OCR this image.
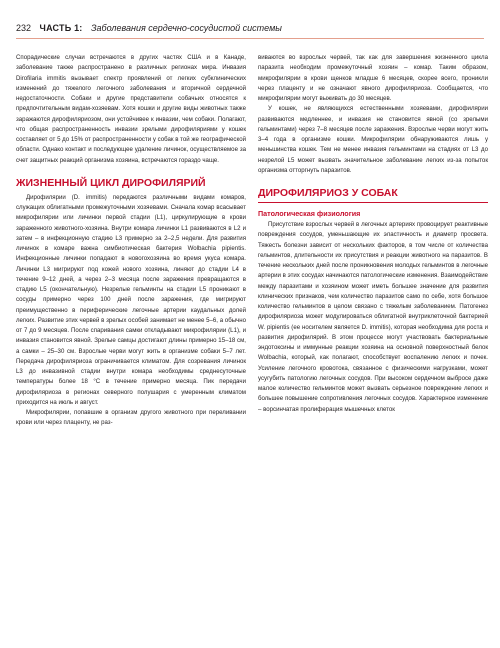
232 ЧАСТЬ 1: Заболевания сердечно-сосудистой системы

Спорадические случаи встречаются в других частях США и в Канаде, заболевание также распространено в различных регионах мира. Инвазия Dirofilaria immitis вызывает спектр проявлений от легких субклинических изменений до тяжелого легочного заболевания и вторичной сердечной недостаточности. Собаки и другие представители собачьих относятся к предпочтительным видам-хозяевам. Хотя кошки и другие виды животных также заражаются дирофиляриозом, они устойчивее к инвазии, чем собаки. Полагают, что общая распространенность инвазии зрелыми дирофиляриями у кошек составляет от 5 до 15% от распространенности у собак в той же географической области. Однако контакт и последующее удаление личинок, осуществляемое за счет защитных реакций организма хозяина, встречаются гораздо чаще.

ЖИЗНЕННЫЙ ЦИКЛ ДИРОФИЛЯРИЙ

Дирофилярии (D. immitis) передаются различными видами комаров, служащих облигатными промежуточными хозяевами. Сначала комар всасывает микрофилярии или личинки первой стадии (L1), циркулирующие в крови зараженного животного-хозяина. Внутри комара личинки L1 развиваются в L2 и затем – в инфекционную стадию L3 примерно за 2–2,5 недели. Для развития личинок в комаре важна симбиотическая бактерия Wolbachia pipientis. Инфекционные личинки попадают в новогохозяина во время укуса комара. Личинки L3 мигрируют под кожей нового хозяина, линяют до стадии L4 в течение 9–12 дней, а через 2–3 месяца после заражения превращаются в стадию L5 (окончательную). Незрелые гельминты на стадии L5 проникают в сосуды примерно через 100 дней после заражения, где мигрируют преимущественно в периферические легочные артерии каудальных долей легких. Развитие этих червей в зрелых особей занимает не менее 5–6, а обычно от 7 до 9 месяцев. После спаривания самки откладывают микрофилярии (L1), и инвазия становится явной. Зрелые самцы достигают длины примерно 15–18 см, а самки – 25–30 см. Взрослые черви могут жить в организме собаки 5–7 лет. Передача дирофиляриоза ограничивается климатом. Для созревания личинок L3 до инвазивной стадии внутри комара необходимы среднесуточные температуры более 18 °С в течение примерно месяца. Пик передачи дирофиляриоза в регионах северного полушария с умеренным климатом приходится на июль и август.

Микрофилярии, попавшие в организм другого животного при переливании крови или через плаценту, не раз-

виваются во взрослых червей, так как для завершения жизненного цикла паразита необходим промежуточный хозяин – комар. Таким образом, микрофилярии в крови щенков младше 6 месяцев, скорее всего, проникли через плаценту и не означают явного дирофиляриоза. Сообщается, что микрофилярии могут выживать до 30 месяцев.

У кошек, не являющихся естественными хозяевами, дирофилярии развиваются медленнее, и инвазия не становится явной (со зрелыми гельминтами) через 7–8 месяцев после заражения. Взрослые черви могут жить 3–4 года в организме кошки. Микрофилярии обнаруживаются лишь у меньшинства кошек. Тем не менее инвазия гельминтами на стадиях от L3 до незрелой L5 может вызвать значительное заболевание легких из-за попыток организма отторгнуть паразитов.

ДИРОФИЛЯРИОЗ У СОБАК
Патологическая физиология

Присутствие взрослых червей в легочных артериях провоцирует реактивные повреждения сосудов, уменьшающие их эластичность и диаметр просвета. Тяжесть болезни зависит от нескольких факторов, в том числе от количества гельминтов, длительности их присутствия и реакции животного на паразитов. В течение нескольких дней после проникновения молодых гельминтов в легочные артерии в этих сосудах начинаются патологические изменения. Взаимодействие между паразитами и хозяином может иметь большее значение для развития клинических признаков, чем количество паразитов само по себе, хотя большое количество гельминтов в целом связано с тяжелым заболеванием. Патогенез дирофиляриоза может модулироваться облигатной внутриклеточной бактерией W. pipientis (ее носителем является D. immitis), которая необходима для роста и развития дирофилярий. В этом процессе могут участвовать бактериальные эндотоксины и иммунные реакции хозяина на основной поверхностный белок Wolbachia, который, как полагают, способствует воспалению легких и почек. Усиление легочного кровотока, связанное с физическими нагрузками, может усугубить патологию легочных сосудов. При высоком сердечном выбросе даже малое количество гельминтов может вызвать серьезное повреждение легких и большее повышение сопротивления легочных сосудов. Характерное изменение – ворсинчатая пролиферация мышечных клеток
